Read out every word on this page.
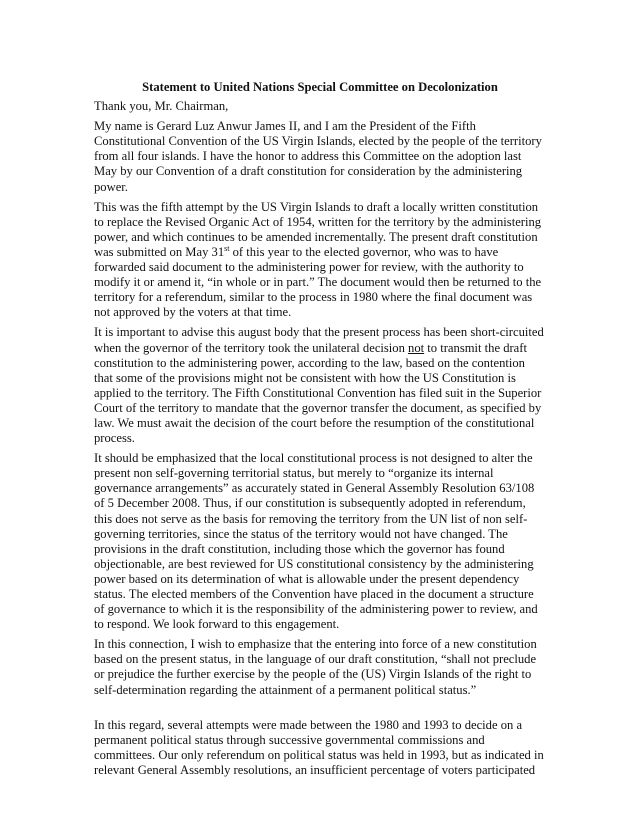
Statement to United Nations Special Committee on Decolonization

Thank you, Mr. Chairman,

My name is Gerard Luz Anwur James II, and I am the President of the Fifth Constitutional Convention of the US Virgin Islands, elected by the people of the territory from all four islands. I have the honor to address this Committee on the adoption last May by our Convention of a draft constitution for consideration by the administering power.

This was the fifth attempt by the US Virgin Islands to draft a locally written constitution to replace the Revised Organic Act of 1954, written for the territory by the administering power, and which continues to be amended incrementally. The present draft constitution was submitted on May 31st of this year to the elected governor, who was to have forwarded said document to the administering power for review, with the authority to modify it or amend it, “in whole or in part.” The document would then be returned to the territory for a referendum, similar to the process in 1980 where the final document was not approved by the voters at that time.

It is important to advise this august body that the present process has been short-circuited when the governor of the territory took the unilateral decision not to transmit the draft constitution to the administering power, according to the law, based on the contention that some of the provisions might not be consistent with how the US Constitution is applied to the territory. The Fifth Constitutional Convention has filed suit in the Superior Court of the territory to mandate that the governor transfer the document, as specified by law. We must await the decision of the court before the resumption of the constitutional process.

It should be emphasized that the local constitutional process is not designed to alter the present non self-governing territorial status, but merely to “organize its internal governance arrangements” as accurately stated in General Assembly Resolution 63/108 of 5 December 2008. Thus, if our constitution is subsequently adopted in referendum, this does not serve as the basis for removing the territory from the UN list of non self-governing territories, since the status of the territory would not have changed. The provisions in the draft constitution, including those which the governor has found objectionable, are best reviewed for US constitutional consistency by the administering power based on its determination of what is allowable under the present dependency status. The elected members of the Convention have placed in the document a structure of governance to which it is the responsibility of the administering power to review, and to respond. We look forward to this engagement.

In this connection, I wish to emphasize that the entering into force of a new constitution based on the present status, in the language of our draft constitution, “shall not preclude or prejudice the further exercise by the people of the (US) Virgin Islands of the right to self-determination regarding the attainment of a permanent political status.”

In this regard, several attempts were made between the 1980 and 1993 to decide on a permanent political status through successive governmental commissions and committees. Our only referendum on political status was held in 1993, but as indicated in relevant General Assembly resolutions, an insufficient percentage of voters participated
